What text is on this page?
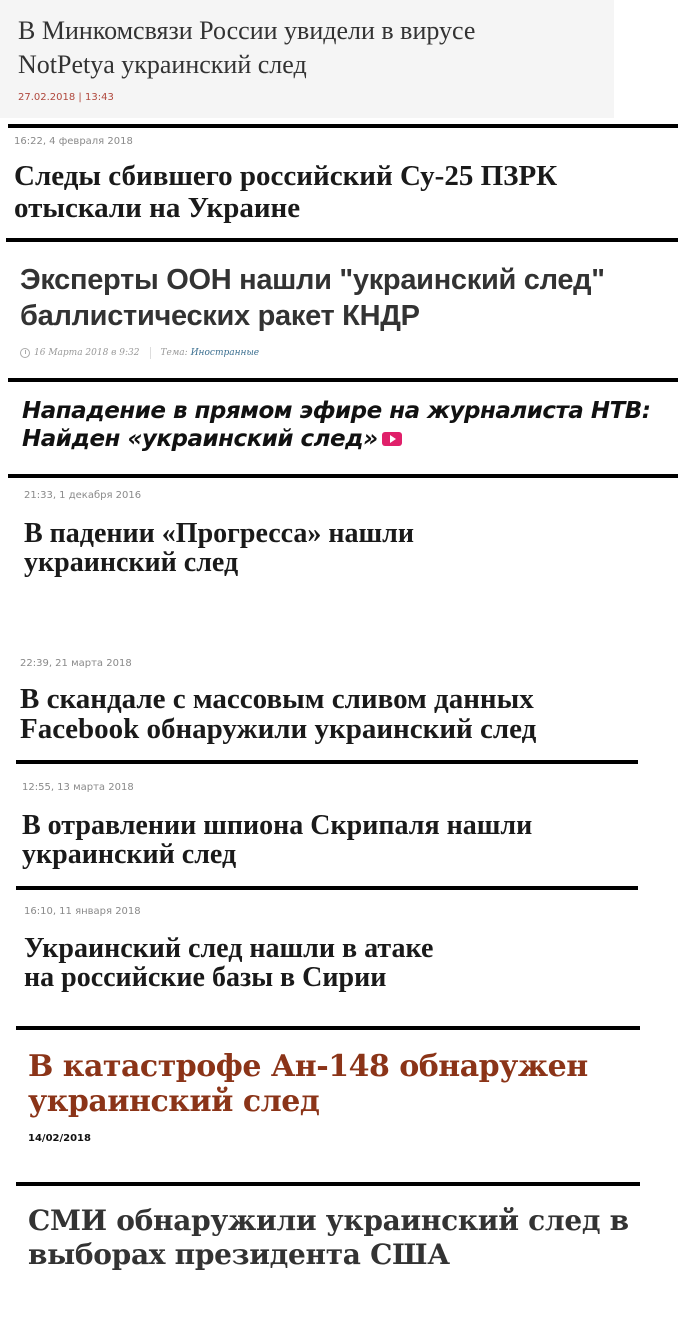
В Минкомсвязи России увидели в вирусе
NotPetya украинский след
27.02.2018 | 13:43
16:22, 4 февраля 2018
Следы сбившего российский Су-25 ПЗРК
отыскали на Украине
Эксперты ООН нашли "украинский след"
баллистических ракет КНДР
16 Марта 2018 в 9:32 Тема: Иностранные
Нападение в прямом эфире на журналиста НТВ:
Найден «украинский след»
21:33, 1 декабря 2016
В падении «Прогресса» нашли
украинский след
22:39, 21 марта 2018
В скандале с массовым сливом данных
Facebook обнаружили украинский след
12:55, 13 марта 2018
В отравлении шпиона Скрипаля нашли
украинский след
16:10, 11 января 2018
Украинский след нашли в атаке
на российские базы в Сирии
В катастрофе Ан-148 обнаружен
украинский след
14/02/2018
СМИ обнаружили украинский след в
выборах президента США
